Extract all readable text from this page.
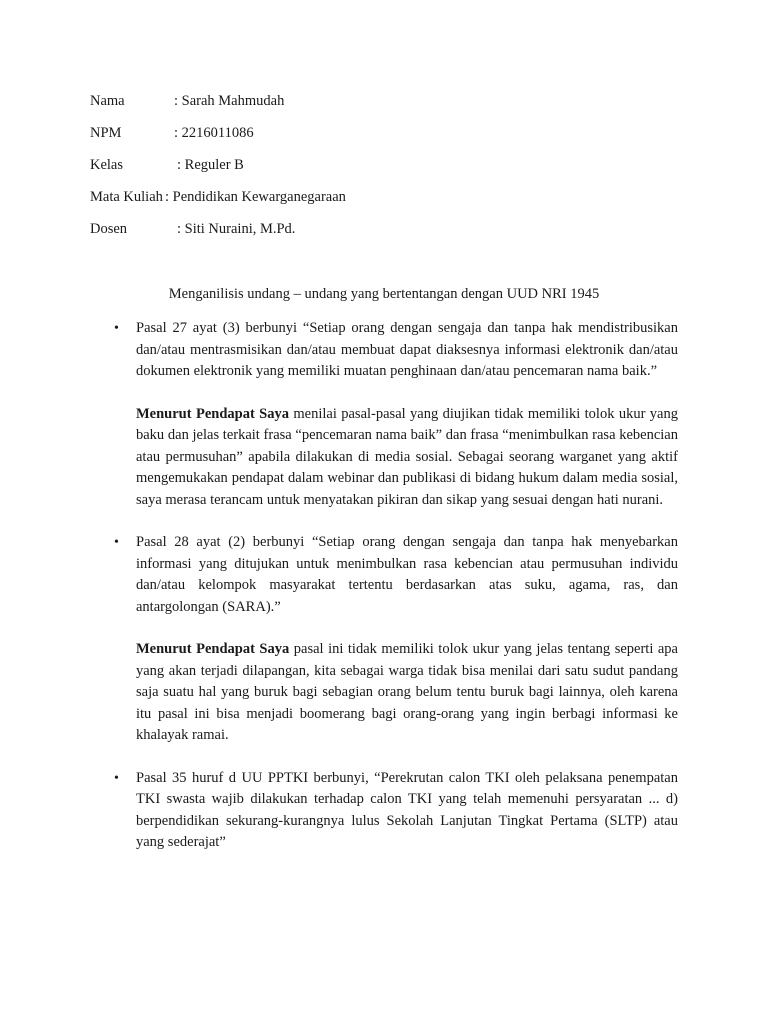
Nama	: Sarah Mahmudah
NPM	: 2216011086
Kelas	: Reguler B
Mata Kuliah : Pendidikan Kewarganegaraan
Dosen	: Siti Nuraini, M.Pd.
Menganilisis undang – undang yang bertentangan dengan UUD NRI 1945
• Pasal 27 ayat (3) berbunyi “Setiap orang dengan sengaja dan tanpa hak mendistribusikan dan/atau mentrasmisikan dan/atau membuat dapat diaksesnya informasi elektronik dan/atau dokumen elektronik yang memiliki muatan penghinaan dan/atau pencemaran nama baik.”

Menurut Pendapat Saya menilai pasal-pasal yang diujikan tidak memiliki tolok ukur yang baku dan jelas terkait frasa “pencemaran nama baik” dan frasa “menimbulkan rasa kebencian atau permusuhan” apabila dilakukan di media sosial. Sebagai seorang warganet yang aktif mengemukakan pendapat dalam webinar dan publikasi di bidang hukum dalam media sosial, saya merasa terancam untuk menyatakan pikiran dan sikap yang sesuai dengan hati nurani.

• Pasal 28 ayat (2) berbunyi “Setiap orang dengan sengaja dan tanpa hak menyebarkan informasi yang ditujukan untuk menimbulkan rasa kebencian atau permusuhan individu dan/atau kelompok masyarakat tertentu berdasarkan atas suku, agama, ras, dan antargolongan (SARA).”

Menurut Pendapat Saya pasal ini tidak memiliki tolok ukur yang jelas tentang seperti apa yang akan terjadi dilapangan, kita sebagai warga tidak bisa menilai dari satu sudut pandang saja suatu hal yang buruk bagi sebagian orang belum tentu buruk bagi lainnya, oleh karena itu pasal ini bisa menjadi boomerang bagi orang-orang yang ingin berbagi informasi ke khalayak ramai.

• Pasal 35 huruf d UU PPTKI berbunyi, “Perekrutan calon TKI oleh pelaksana penempatan TKI swasta wajib dilakukan terhadap calon TKI yang telah memenuhi persyaratan ... d) berpendidikan sekurang-kurangnya lulus Sekolah Lanjutan Tingkat Pertama (SLTP) atau yang sederajat”
